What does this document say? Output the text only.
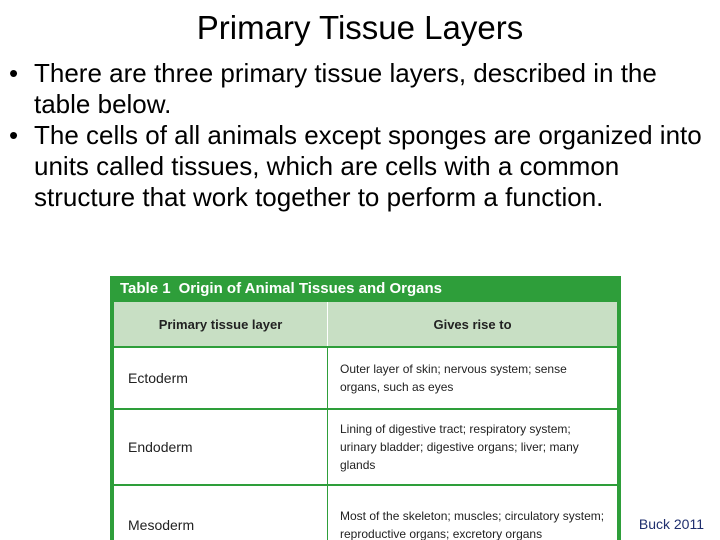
Primary Tissue Layers
• There are three primary tissue layers, described in the table below.
• The cells of all animals except sponges are organized into units called tissues, which are cells with a common structure that work together to perform a function.
Table 1 Origin of Animal Tissues and Organs
Primary tissue layer	Gives rise to
Ectoderm	Outer layer of skin; nervous system; sense organs, such as eyes
Endoderm	Lining of digestive tract; respiratory system; urinary bladder; digestive organs; liver; many glands
Mesoderm	Most of the skeleton; muscles; circulatory system; reproductive organs; excretory organs
Buck 2011
